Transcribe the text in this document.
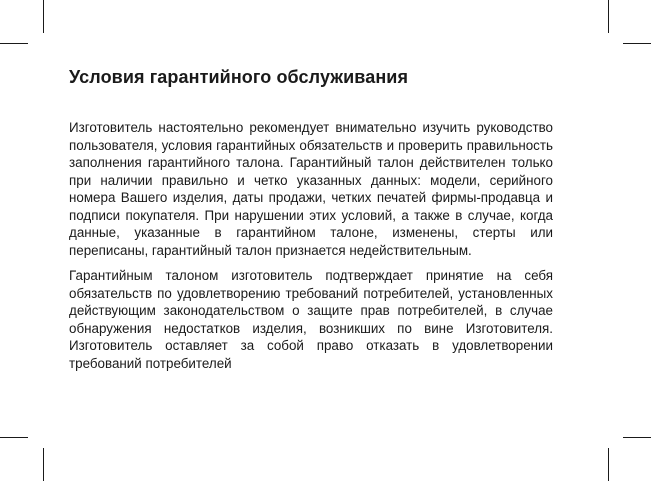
Условия гарантийного обслуживания

Изготовитель настоятельно рекомендует внимательно изучить руководство пользователя, условия гарантийных обязательств и проверить правильность заполнения гарантийного талона. Гарантийный талон действителен только при наличии правильно и четко указанных данных: модели, серийного номера Вашего изделия, даты продажи, четких печатей фирмы-продавца и подписи покупателя. При нарушении этих условий, а также в случае, когда данные, указанные в гарантийном талоне, изменены, стерты или переписаны, гарантийный талон признается недействительным.

Гарантийным талоном изготовитель подтверждает принятие на себя обязательств по удовлетворению требований потребителей, установленных действующим законодательством о защите прав потребителей, в случае обнаружения недостатков изделия, возникших по вине Изготовителя. Изготовитель оставляет за собой право отказать в удовлетворении требований потребителей
